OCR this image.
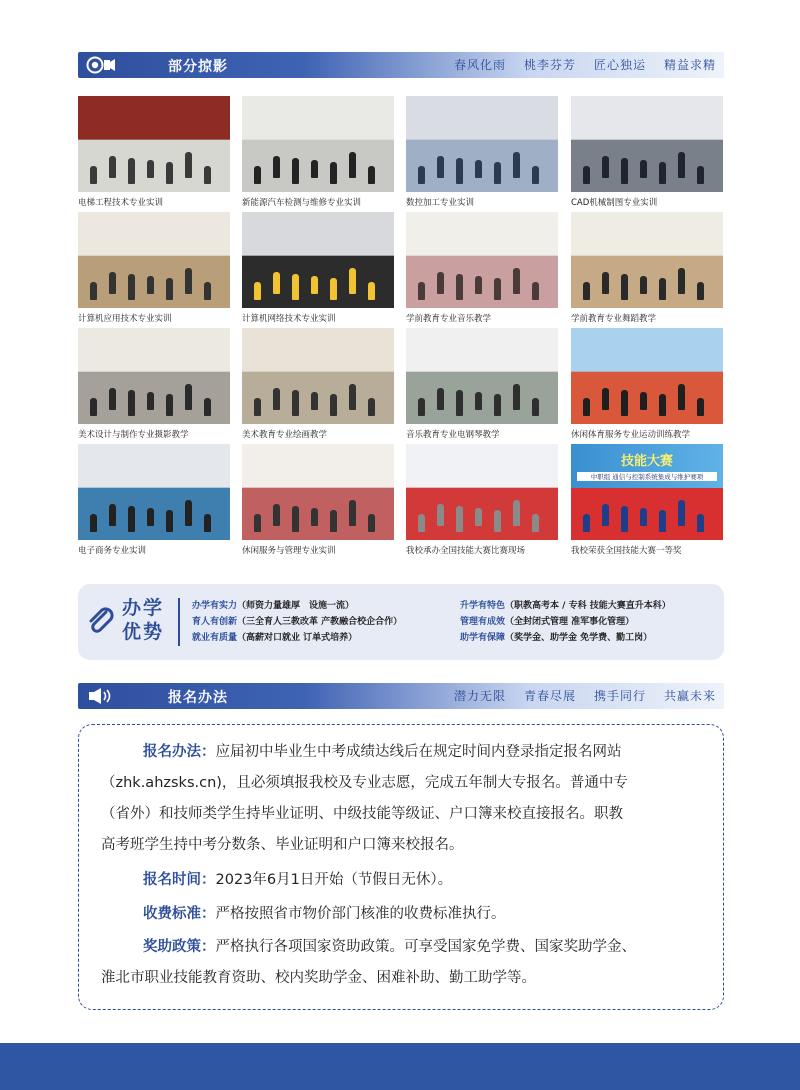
部分掠影	春风化雨 桃李芬芳 匠心独运 精益求精
电梯工程技术专业实训	新能源汽车检测与维修专业实训	数控加工专业实训	CAD机械制图专业实训
计算机应用技术专业实训	计算机网络技术专业实训	学前教育专业音乐教学	学前教育专业舞蹈教学
美术设计与制作专业摄影教学	美术教育专业绘画教学	音乐教育专业电钢琴教学	休闲体育服务专业运动训练教学
电子商务专业实训	休闲服务与管理专业实训	我校承办全国技能大赛比赛现场
技能大赛
中职组 通信与控制系统集成与维护赛项
我校荣获全国技能大赛一等奖
办学
优势
办学有实力（师资力量雄厚　设施一流）
育人有创新（三全育人三教改革 产教融合校企合作）
就业有质量（高薪对口就业 订单式培养）
升学有特色（职教高考本 / 专科 技能大赛直升本科）
管理有成效（全封闭式管理 准军事化管理）
助学有保障（奖学金、助学金 免学费、勤工岗）
报名办法	潜力无限 青春尽展 携手同行 共赢未来

报名办法：应届初中毕业生中考成绩达线后在规定时间内登录指定报名网站

（zhk.ahzsks.cn)，且必须填报我校及专业志愿，完成五年制大专报名。普通中专

（省外）和技师类学生持毕业证明、中级技能等级证、户口簿来校直接报名。职教

高考班学生持中考分数条、毕业证明和户口簿来校报名。

报名时间：2023年6月1日开始（节假日无休）。

收费标准：严格按照省市物价部门核准的收费标准执行。

奖助政策：严格执行各项国家资助政策。可享受国家免学费、国家奖助学金、

淮北市职业技能教育资助、校内奖助学金、困难补助、勤工助学等。
